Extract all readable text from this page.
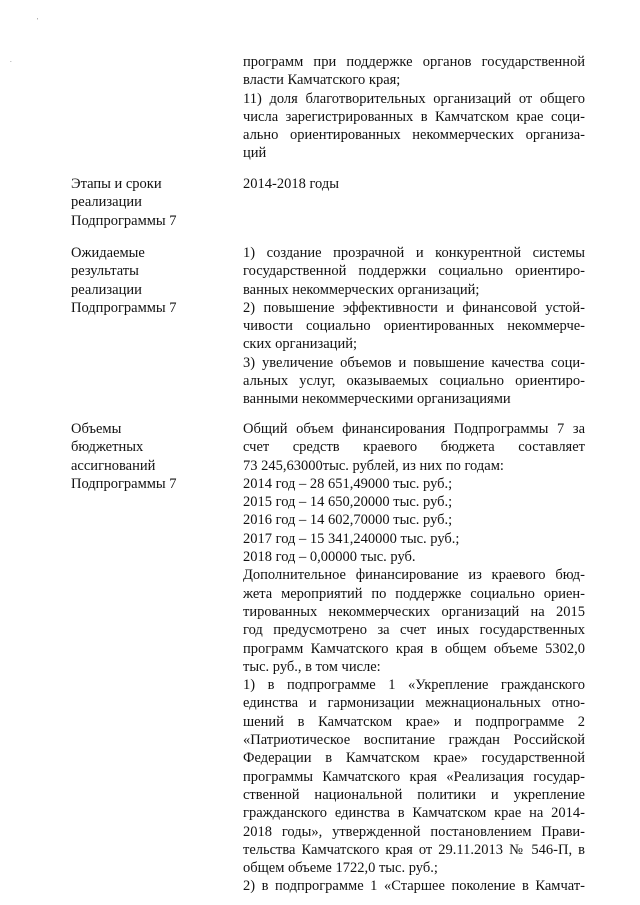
'
.	программ при поддержке органов государственной
власти Камчатского края;
11) доля благотворительных организаций от общего
числа зарегистрированных в Камчатском крае соци-
ально ориентированных некоммерческих организа-
ций
Этапы и сроки
реализации
Подпрограммы 7
2014-2018 годы
Ожидаемые
результаты
реализации
Подпрограммы 7
1) создание прозрачной и конкурентной системы
государственной поддержки социально ориентиро-
ванных некоммерческих организаций;
2) повышение эффективности и финансовой устой-
чивости социально ориентированных некоммерче-
ских организаций;
3) увеличение объемов и повышение качества соци-
альных услуг, оказываемых социально ориентиро-
ванными некоммерческими организациями
Объемы
бюджетных
ассигнований
Подпрограммы 7
Общий объем финансирования Подпрограммы 7 за
счет средств краевого бюджета составляет
73 245,63000тыс. рублей, из них по годам:
2014 год – 28 651,49000 тыс. руб.;
2015 год – 14 650,20000 тыс. руб.;
2016 год – 14 602,70000 тыс. руб.;
2017 год – 15 341,240000 тыс. руб.;
2018 год – 0,00000 тыс. руб.
Дополнительное финансирование из краевого бюд-
жета мероприятий по поддержке социально ориен-
тированных некоммерческих организаций на 2015
год предусмотрено за счет иных государственных
программ Камчатского края в общем объеме 5302,0
тыс. руб., в том числе:
1) в подпрограмме 1 «Укрепление гражданского
единства и гармонизации межнациональных отно-
шений в Камчатском крае» и подпрограмме 2
«Патриотическое воспитание граждан Российской
Федерации в Камчатском крае» государственной
программы Камчатского края «Реализация государ-
ственной национальной политики и укрепление
гражданского единства в Камчатском крае на 2014-
2018 годы», утвержденной постановлением Прави-
тельства Камчатского края от 29.11.2013 № 546-П, в
общем объеме 1722,0 тыс. руб.;
2) в подпрограмме 1 «Старшее поколение в Камчат-
